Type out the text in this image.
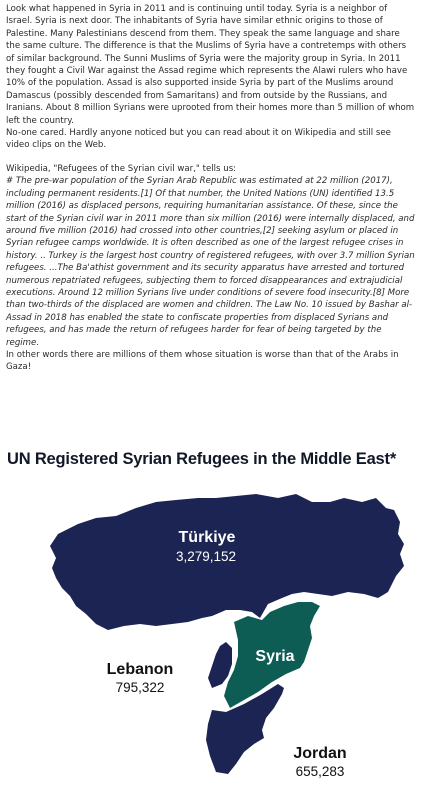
Look what happened in Syria in 2011 and is continuing until today. Syria is a neighbor of Israel. Syria is next door. The inhabitants of Syria have similar ethnic origins to those of Palestine. Many Palestinians descend from them. They speak the same language and share the same culture. The difference is that the Muslims of Syria have a contretemps with others of similar background. The Sunni Muslims of Syria were the majority group in Syria. In 2011 they fought a Civil War against the Assad regime which represents the Alawi rulers who have 10% of the population. Assad is also supported inside Syria by part of the Muslims around Damascus (possibly descended from Samaritans) and from outside by the Russians, and Iranians. About 8 million Syrians were uprooted from their homes more than 5 million of whom left the country.

No-one cared. Hardly anyone noticed but you can read about it on Wikipedia and still see video clips on the Web.

Wikipedia, "Refugees of the Syrian civil war," tells us:

# The pre-war population of the Syrian Arab Republic was estimated at 22 million (2017), including permanent residents.[1] Of that number, the United Nations (UN) identified 13.5 million (2016) as displaced persons, requiring humanitarian assistance. Of these, since the start of the Syrian civil war in 2011 more than six million (2016) were internally displaced, and around five million (2016) had crossed into other countries,[2] seeking asylum or placed in Syrian refugee camps worldwide. It is often described as one of the largest refugee crises in history. .. Turkey is the largest host country of registered refugees, with over 3.7 million Syrian refugees. ...The Ba'athist government and its security apparatus have arrested and tortured numerous repatriated refugees, subjecting them to forced disappearances and extrajudicial executions. Around 12 million Syrians live under conditions of severe food insecurity.[8] More than two-thirds of the displaced are women and children. The Law No. 10 issued by Bashar al-Assad in 2018 has enabled the state to confiscate properties from displaced Syrians and refugees, and has made the return of refugees harder for fear of being targeted by the regime.

In other words there are millions of them whose situation is worse than that of the Arabs in Gaza!

UN Registered Syrian Refugees in the Middle East*
Türkiye
3,279,152
Syria
Lebanon
795,322
Jordan
655,283
